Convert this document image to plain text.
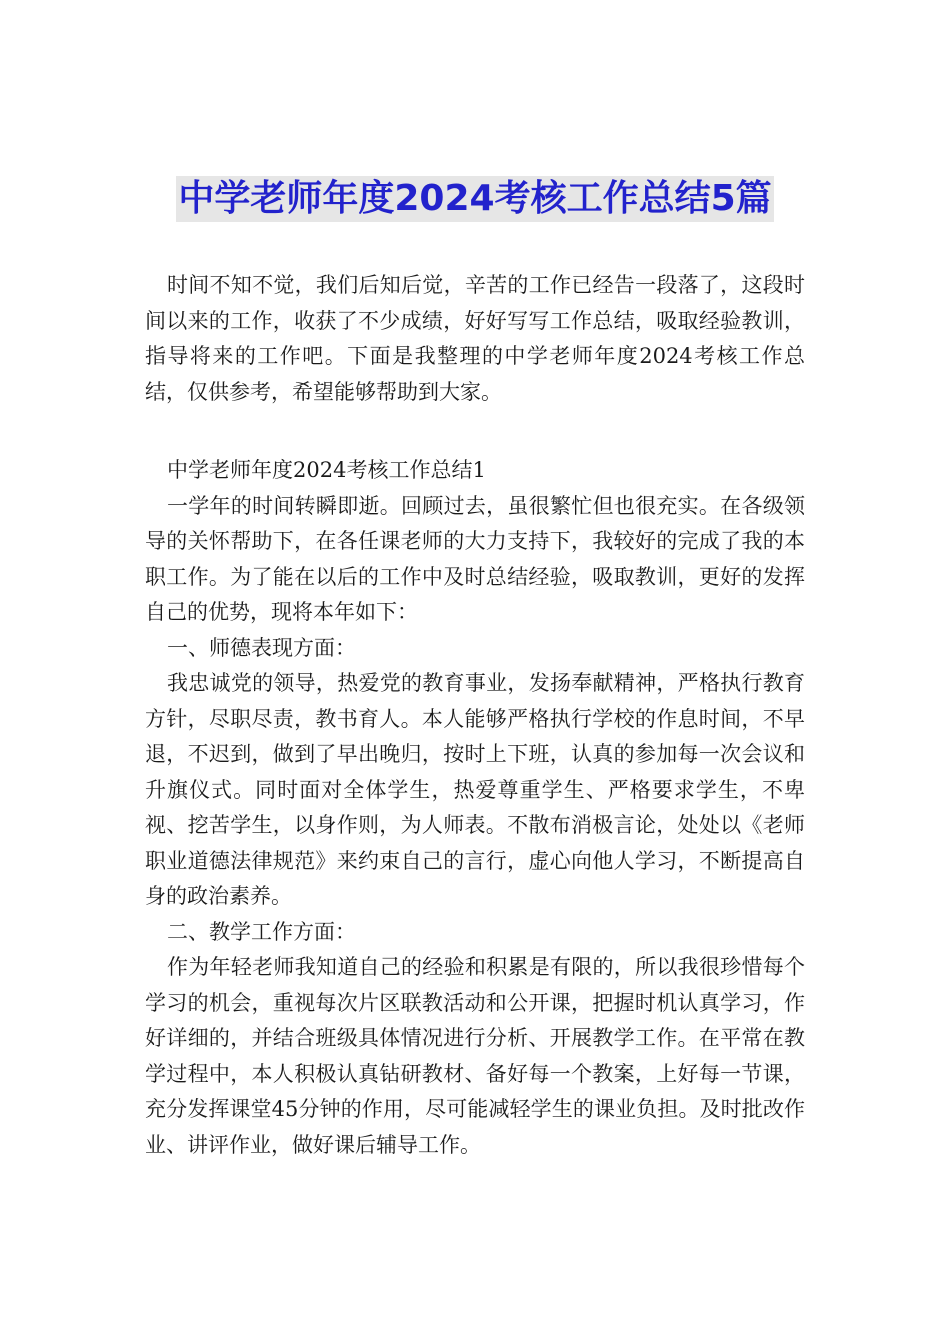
中学老师年度2024考核工作总结5篇

时间不知不觉，我们后知后觉，辛苦的工作已经告一段落了，这段时间以来的工作，收获了不少成绩，好好写写工作总结，吸取经验教训，指导将来的工作吧。下面是我整理的中学老师年度2024考核工作总结，仅供参考，希望能够帮助到大家。

中学老师年度2024考核工作总结1

一学年的时间转瞬即逝。回顾过去，虽很繁忙但也很充实。在各级领导的关怀帮助下，在各任课老师的大力支持下，我较好的完成了我的本职工作。为了能在以后的工作中及时总结经验，吸取教训，更好的发挥自己的优势，现将本年如下：

一、师德表现方面：

我忠诚党的领导，热爱党的教育事业，发扬奉献精神，严格执行教育方针，尽职尽责，教书育人。本人能够严格执行学校的作息时间，不早退，不迟到，做到了早出晚归，按时上下班，认真的参加每一次会议和升旗仪式。同时面对全体学生，热爱尊重学生、严格要求学生，不卑视、挖苦学生，以身作则，为人师表。不散布消极言论，处处以《老师职业道德法律规范》来约束自己的言行，虚心向他人学习，不断提高自身的政治素养。

二、教学工作方面：

作为年轻老师我知道自己的经验和积累是有限的，所以我很珍惜每个学习的机会，重视每次片区联教活动和公开课，把握时机认真学习，作好详细的，并结合班级具体情况进行分析、开展教学工作。在平常在教学过程中，本人积极认真钻研教材、备好每一个教案，上好每一节课，充分发挥课堂45分钟的作用，尽可能减轻学生的课业负担。及时批改作业、讲评作业，做好课后辅导工作。
